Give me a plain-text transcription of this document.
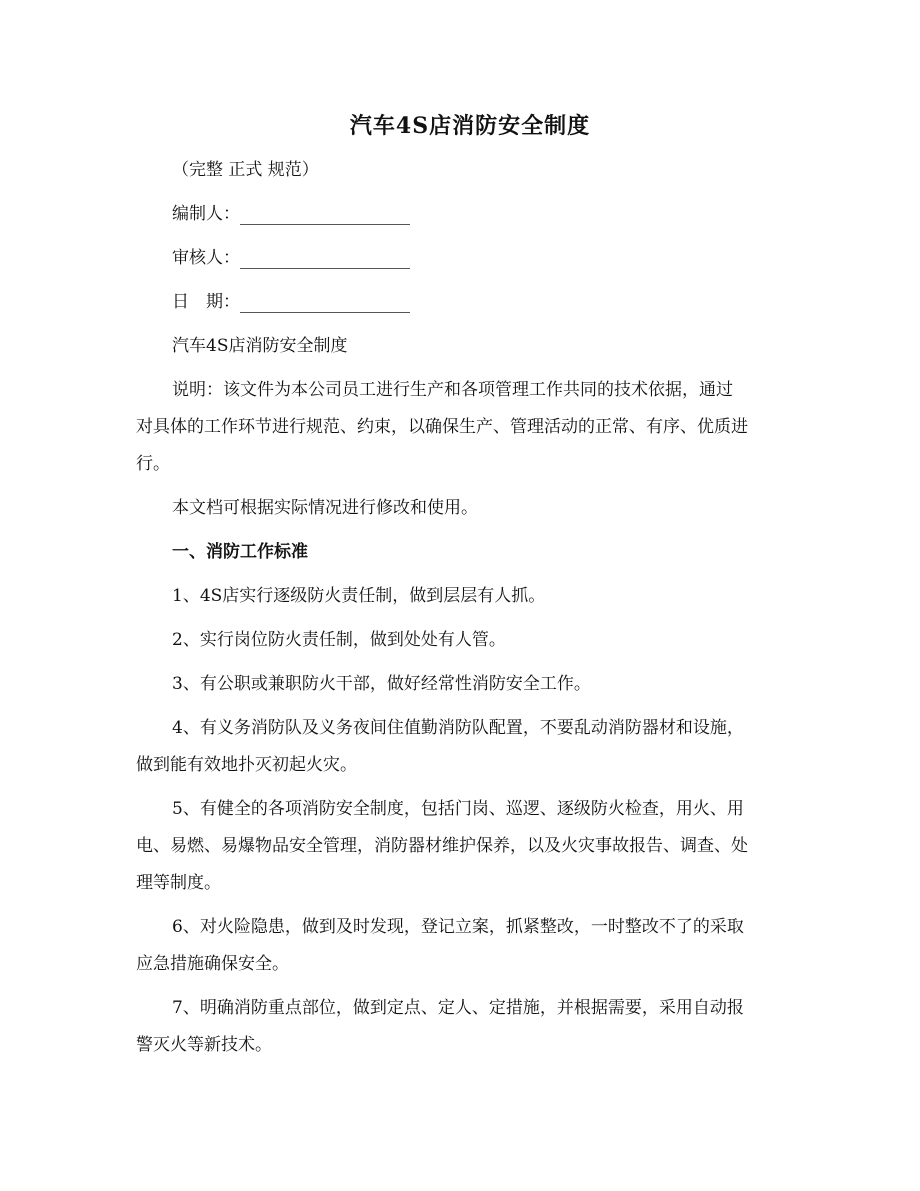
汽车4S店消防安全制度
（完整 正式 规范）
编制人：
审核人：
日　期：
汽车4S店消防安全制度
说明：该文件为本公司员工进行生产和各项管理工作共同的技术依据，通过
对具体的工作环节进行规范、约束，以确保生产、管理活动的正常、有序、优质进
行。
本文档可根据实际情况进行修改和使用。
一、消防工作标准
1、4S店实行逐级防火责任制，做到层层有人抓。
2、实行岗位防火责任制，做到处处有人管。
3、有公职或兼职防火干部，做好经常性消防安全工作。
4、有义务消防队及义务夜间住值勤消防队配置，不要乱动消防器材和设施，
做到能有效地扑灭初起火灾。
5、有健全的各项消防安全制度，包括门岗、巡逻、逐级防火检查，用火、用
电、易燃、易爆物品安全管理，消防器材维护保养，以及火灾事故报告、调查、处
理等制度。
6、对火险隐患，做到及时发现，登记立案，抓紧整改，一时整改不了的采取
应急措施确保安全。
7、明确消防重点部位，做到定点、定人、定措施，并根据需要，采用自动报
警灭火等新技术。
